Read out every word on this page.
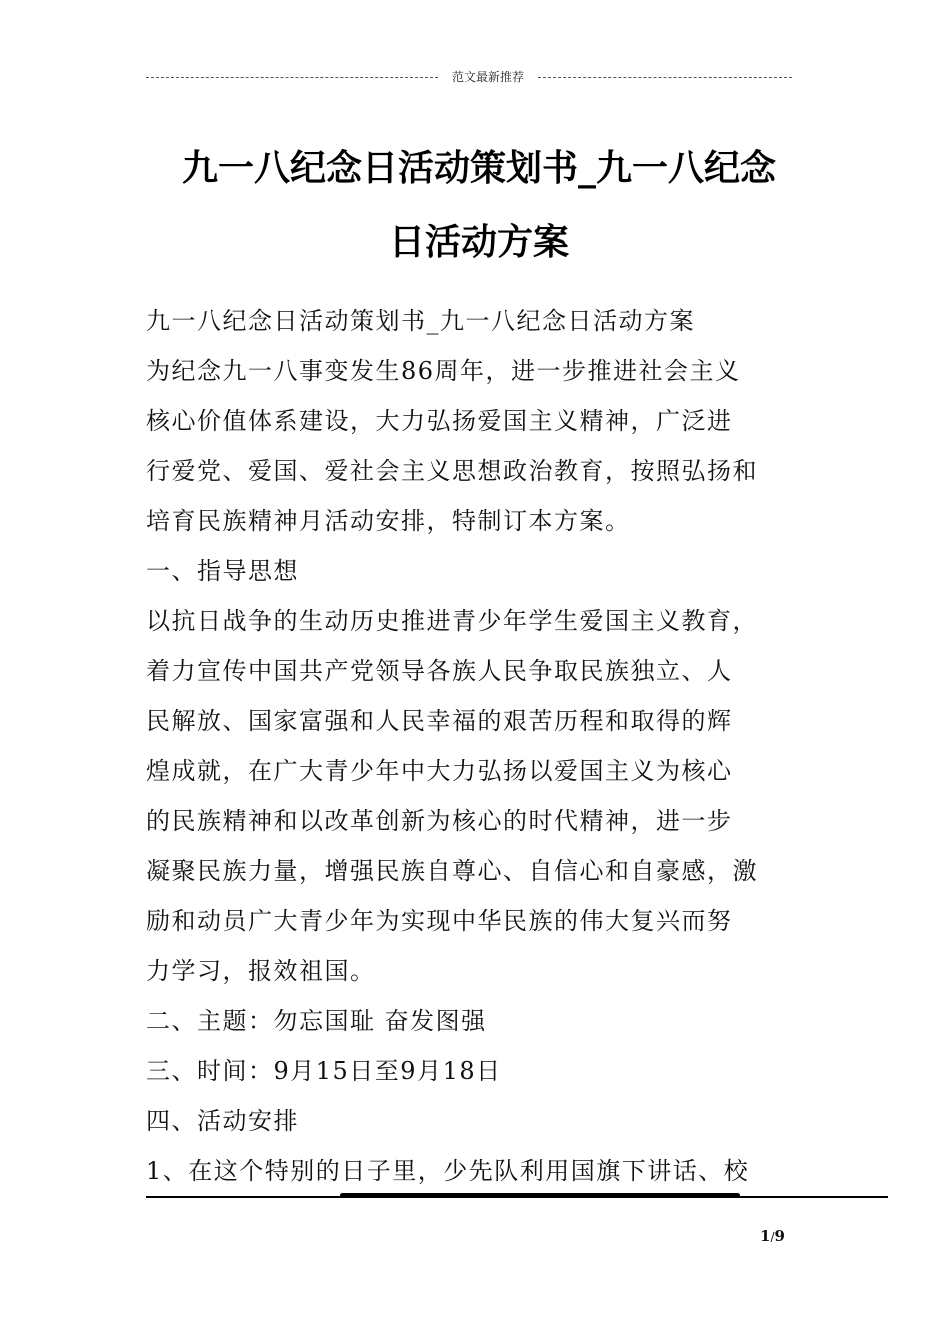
范文最新推荐
九一八纪念日活动策划书_九一八纪念
日活动方案

九一八纪念日活动策划书_九一八纪念日活动方案

为纪念九一八事变发生86周年，进一步推进社会主义

核心价值体系建设，大力弘扬爱国主义精神，广泛进

行爱党、爱国、爱社会主义思想政治教育，按照弘扬和

培育民族精神月活动安排，特制订本方案。

一、指导思想

以抗日战争的生动历史推进青少年学生爱国主义教育，

着力宣传中国共产党领导各族人民争取民族独立、人

民解放、国家富强和人民幸福的艰苦历程和取得的辉

煌成就，在广大青少年中大力弘扬以爱国主义为核心

的民族精神和以改革创新为核心的时代精神，进一步

凝聚民族力量，增强民族自尊心、自信心和自豪感，激

励和动员广大青少年为实现中华民族的伟大复兴而努

力学习，报效祖国。

二、主题：勿忘国耻 奋发图强

三、时间：9月15日至9月18日

四、活动安排

1、在这个特别的日子里，少先队利用国旗下讲话、校

1/9
